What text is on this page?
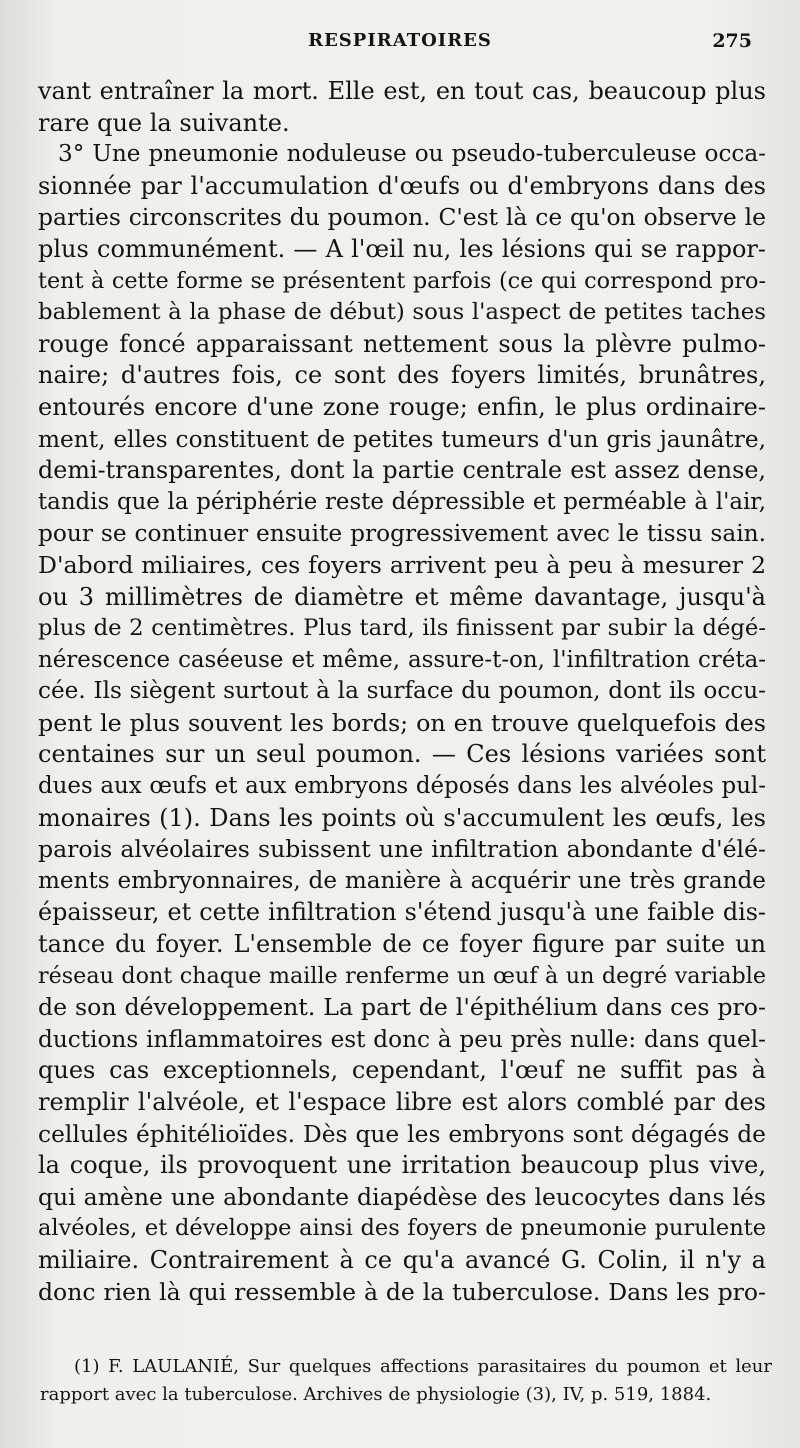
RESPIRATOIRES	275
vant entraîner la mort. Elle est, en tout cas, beaucoup plus
rare que la suivante.
3° Une pneumonie noduleuse ou pseudo-tuberculeuse occa-
sionnée par l'accumulation d'œufs ou d'embryons dans des
parties circonscrites du poumon. C'est là ce qu'on observe le
plus communément. — A l'œil nu, les lésions qui se rappor-
tent à cette forme se présentent parfois (ce qui correspond pro-
bablement à la phase de début) sous l'aspect de petites taches
rouge foncé apparaissant nettement sous la plèvre pulmo-
naire; d'autres fois, ce sont des foyers limités, brunâtres,
entourés encore d'une zone rouge; enfin, le plus ordinaire-
ment, elles constituent de petites tumeurs d'un gris jaunâtre,
demi-transparentes, dont la partie centrale est assez dense,
tandis que la périphérie reste dépressible et perméable à l'air,
pour se continuer ensuite progressivement avec le tissu sain.
D'abord miliaires, ces foyers arrivent peu à peu à mesurer 2
ou 3 millimètres de diamètre et même davantage, jusqu'à
plus de 2 centimètres. Plus tard, ils finissent par subir la dégé-
nérescence caséeuse et même, assure-t-on, l'infiltration créta-
cée. Ils siègent surtout à la surface du poumon, dont ils occu-
pent le plus souvent les bords; on en trouve quelquefois des
centaines sur un seul poumon. — Ces lésions variées sont
dues aux œufs et aux embryons déposés dans les alvéoles pul-
monaires (1). Dans les points où s'accumulent les œufs, les
parois alvéolaires subissent une infiltration abondante d'élé-
ments embryonnaires, de manière à acquérir une très grande
épaisseur, et cette infiltration s'étend jusqu'à une faible dis-
tance du foyer. L'ensemble de ce foyer figure par suite un
réseau dont chaque maille renferme un œuf à un degré variable
de son développement. La part de l'épithélium dans ces pro-
ductions inflammatoires est donc à peu près nulle: dans quel-
ques cas exceptionnels, cependant, l'œuf ne suffit pas à
remplir l'alvéole, et l'espace libre est alors comblé par des
cellules éphitélioïdes. Dès que les embryons sont dégagés de
la coque, ils provoquent une irritation beaucoup plus vive,
qui amène une abondante diapédèse des leucocytes dans lés
alvéoles, et développe ainsi des foyers de pneumonie purulente
miliaire. Contrairement à ce qu'a avancé G. Colin, il n'y a
donc rien là qui ressemble à de la tuberculose. Dans les pro-
(1) F. LAULANIÉ, Sur quelques affections parasitaires du poumon et leur
rapport avec la tuberculose. Archives de physiologie (3), IV, p. 519, 1884.
